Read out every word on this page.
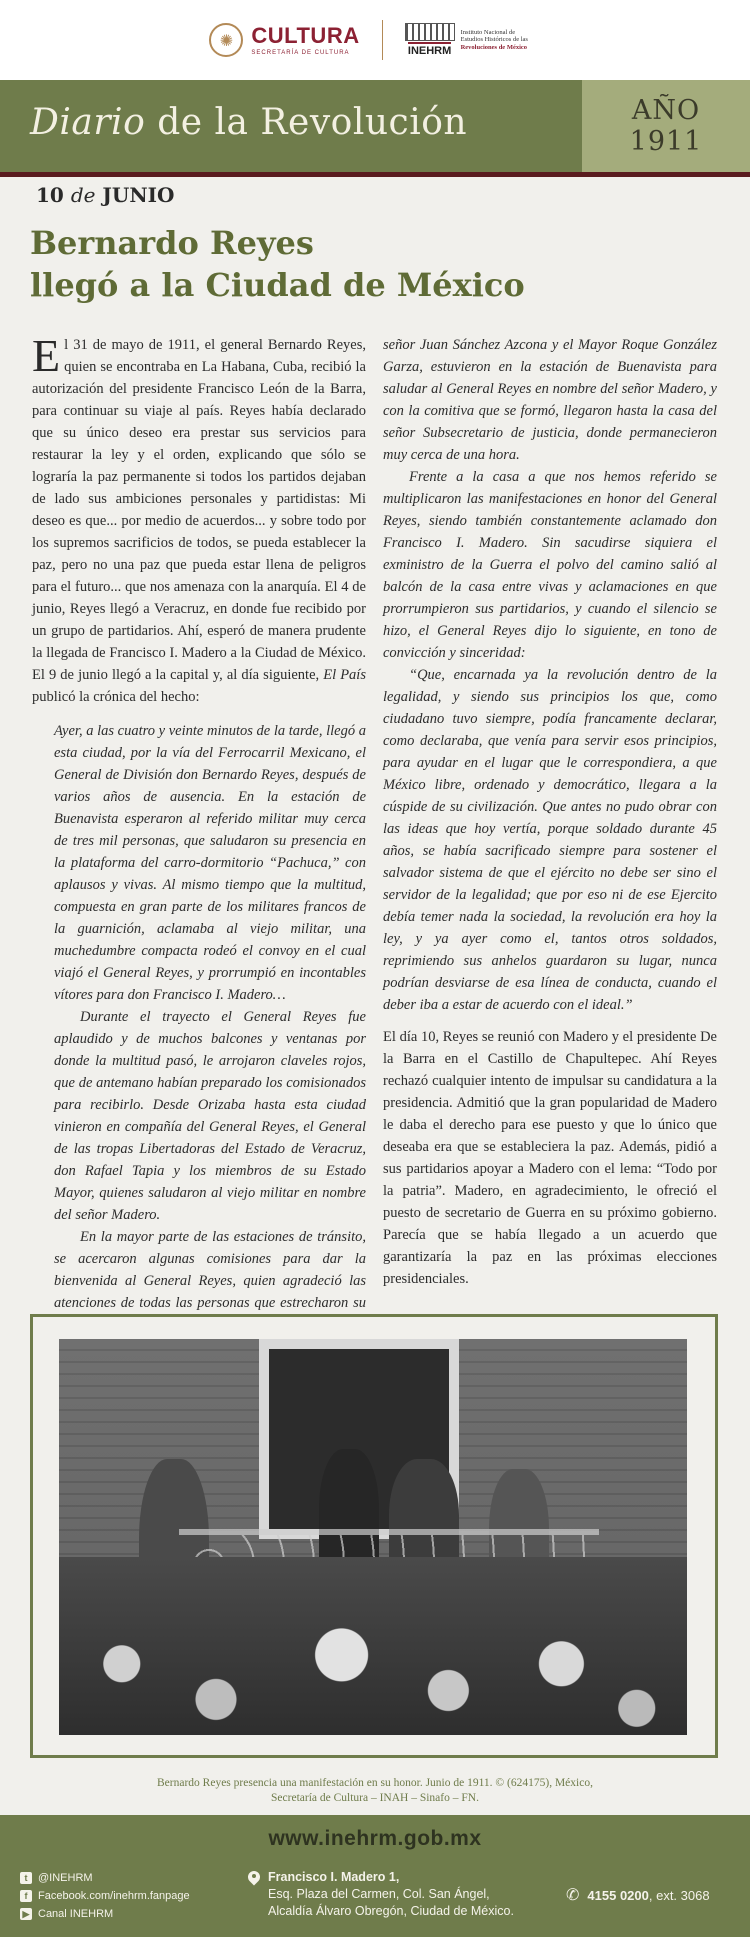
✺ CULTURA
SECRETARÍA DE CULTURA	INEHRM
Instituto Nacional de
Estudios Históricos de las
Revoluciones de México
Diario de la Revolución	AÑO
1911
10 de JUNIO
Bernardo Reyes
llegó a la Ciudad de México

El 31 de mayo de 1911, el general Bernardo Reyes, quien se encontraba en La Habana, Cuba, recibió la autorización del presidente Francisco León de la Barra, para continuar su viaje al país. Reyes había declarado que su único deseo era prestar sus servicios para restaurar la ley y el orden, explicando que sólo se lograría la paz permanente si todos los partidos dejaban de lado sus ambiciones personales y partidistas: Mi deseo es que... por medio de acuerdos... y sobre todo por los supremos sacrificios de todos, se pueda establecer la paz, pero no una paz que pueda estar llena de peligros para el futuro... que nos amenaza con la anarquía. El 4 de junio, Reyes llegó a Veracruz, en donde fue recibido por un grupo de partidarios. Ahí, esperó de manera prudente la llegada de Francisco I. Madero a la Ciudad de México. El 9 de junio llegó a la capital y, al día siguiente, El País publicó la crónica del hecho:

Ayer, a las cuatro y veinte minutos de la tarde, llegó a esta ciudad, por la vía del Ferrocarril Mexicano, el General de División don Bernardo Reyes, después de varios años de ausencia. En la estación de Buenavista esperaron al referido militar muy cerca de tres mil personas, que saludaron su presencia en la plataforma del carro-dormitorio “Pachuca,” con aplausos y vivas. Al mismo tiempo que la multitud, compuesta en gran parte de los militares francos de la guarnición, aclamaba al viejo militar, una muchedumbre compacta rodeó el convoy en el cual viajó el General Reyes, y prorrumpió en incontables vítores para don Francisco I. Madero…

Durante el trayecto el General Reyes fue aplaudido y de muchos balcones y ventanas por donde la multitud pasó, le arrojaron claveles rojos, que de antemano habían preparado los comisionados para recibirlo. Desde Orizaba hasta esta ciudad vinieron en compañía del General Reyes, el General de las tropas Libertadoras del Estado de Veracruz, don Rafael Tapia y los miembros de su Estado Mayor, quienes saludaron al viejo militar en nombre del señor Madero.

En la mayor parte de las estaciones de tránsito, se acercaron algunas comisiones para dar la bienvenida al General Reyes, quien agradeció las atenciones de todas las personas que estrecharon su

señor Juan Sánchez Azcona y el Mayor Roque González Garza, estuvieron en la estación de Buenavista para saludar al General Reyes en nombre del señor Madero, y con la comitiva que se formó, llegaron hasta la casa del señor Subsecretario de justicia, donde permanecieron muy cerca de una hora.

Frente a la casa a que nos hemos referido se multiplicaron las manifestaciones en honor del General Reyes, siendo también constantemente aclamado don Francisco I. Madero. Sin sacudirse siquiera el exministro de la Guerra el polvo del camino salió al balcón de la casa entre vivas y aclamaciones en que prorrumpieron sus partidarios, y cuando el silencio se hizo, el General Reyes dijo lo siguiente, en tono de convicción y sinceridad:

“Que, encarnada ya la revolución dentro de la legalidad, y siendo sus principios los que, como ciudadano tuvo siempre, podía francamente declarar, como declaraba, que venía para servir esos principios, para ayudar en el lugar que le correspondiera, a que México libre, ordenado y democrático, llegara a la cúspide de su civilización. Que antes no pudo obrar con las ideas que hoy vertía, porque soldado durante 45 años, se había sacrificado siempre para sostener el salvador sistema de que el ejército no debe ser sino el servidor de la legalidad; que por eso ni de ese Ejercito debía temer nada la sociedad, la revolución era hoy la ley, y ya ayer como el, tantos otros soldados, reprimiendo sus anhelos guardaron su lugar, nunca podrían desviarse de esa línea de conducta, cuando el deber iba a estar de acuerdo con el ideal.”

El día 10, Reyes se reunió con Madero y el presidente De la Barra en el Castillo de Chapultepec. Ahí Reyes rechazó cualquier intento de impulsar su candidatura a la presidencia. Admitió que la gran popularidad de Madero le daba el derecho para ese puesto y que lo único que deseaba era que se estableciera la paz. Además, pidió a sus partidarios apoyar a Madero con el lema: “Todo por la patria”. Madero, en agradecimiento, le ofreció el puesto de secretario de Guerra en su próximo gobierno. Parecía que se había llegado a un acuerdo que garantizaría la paz en las próximas elecciones presidenciales.

Bernardo Reyes presencia una manifestación en su honor. Junio de 1911. © (624175), México,
Secretaría de Cultura – INAH – Sinafo – FN.
www.inehrm.gob.mx
t @INEHRM
f Facebook.com/inehrm.fanpage
▶ Canal INEHRM
Francisco I. Madero 1,
Esq. Plaza del Carmen, Col. San Ángel,
Alcaldía Álvaro Obregón, Ciudad de México.
✆ 4155 0200, ext. 3068
